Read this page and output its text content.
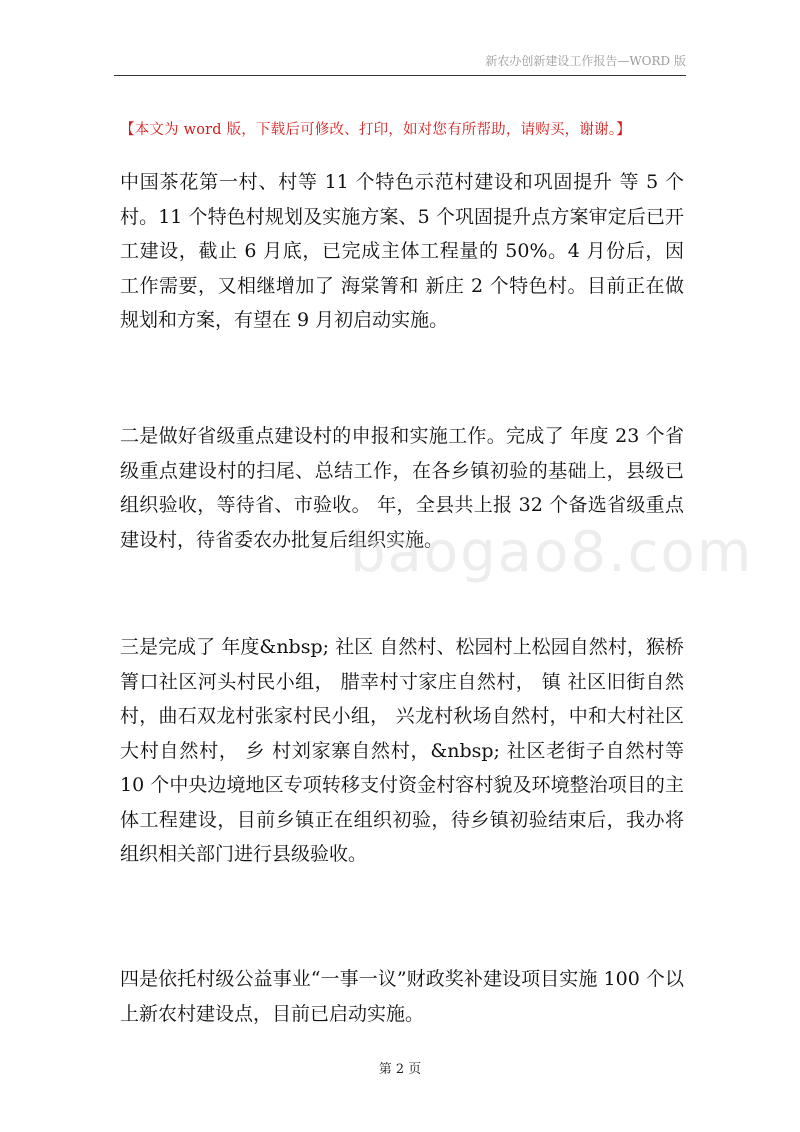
新农办创新建设工作报告—WORD 版
【本文为 word 版，下载后可修改、打印，如对您有所帮助，请购买，谢谢。】

中国茶花第一村、村等 11 个特色示范村建设和巩固提升 等 5 个村。11 个特色村规划及实施方案、5 个巩固提升点方案审定后已开工建设，截止 6 月底，已完成主体工程量的 50%。4 月份后，因工作需要，又相继增加了 海棠箐和 新庄 2 个特色村。目前正在做规划和方案，有望在 9 月初启动实施。

二是做好省级重点建设村的申报和实施工作。完成了 年度 23 个省级重点建设村的扫尾、总结工作，在各乡镇初验的基础上，县级已组织验收，等待省、市验收。 年，全县共上报 32 个备选省级重点建设村，待省委农办批复后组织实施。

三是完成了 年度&nbsp; 社区 自然村、松园村上松园自然村，猴桥箐口社区河头村民小组， 腊幸村寸家庄自然村， 镇 社区旧街自然村，曲石双龙村张家村民小组， 兴龙村秋场自然村，中和大村社区大村自然村， 乡 村刘家寨自然村，&nbsp; 社区老街子自然村等 10 个中央边境地区专项转移支付资金村容村貌及环境整治项目的主体工程建设，目前乡镇正在组织初验，待乡镇初验结束后，我办将组织相关部门进行县级验收。

四是依托村级公益事业“一事一议”财政奖补建设项目实施 100 个以上新农村建设点，目前已启动实施。

baogao8.com
第 2 页
